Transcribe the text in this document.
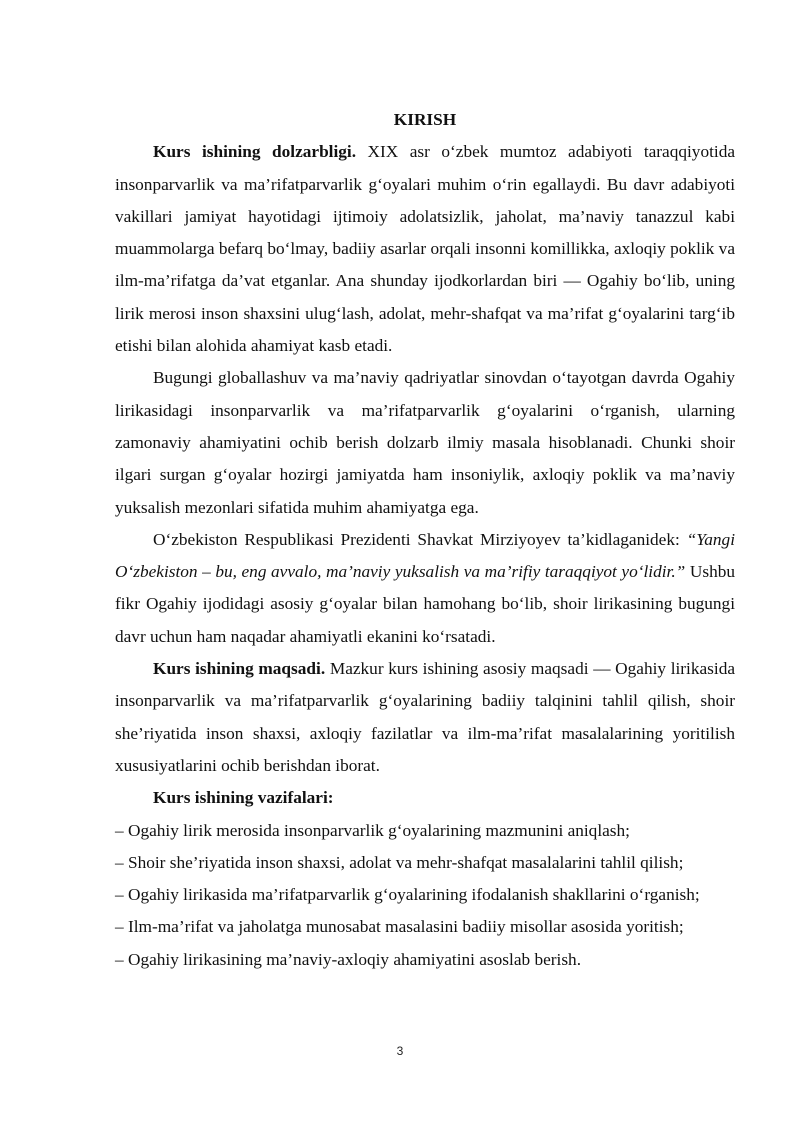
KIRISH

Kurs ishining dolzarbligi. XIX asr o‘zbek mumtoz adabiyoti taraqqiyotida insonparvarlik va ma’rifatparvarlik g‘oyalari muhim o‘rin egallaydi. Bu davr adabiyoti vakillari jamiyat hayotidagi ijtimoiy adolatsizlik, jaholat, ma’naviy tanazzul kabi muammolarga befarq bo‘lmay, badiiy asarlar orqali insonni komillikka, axloqiy poklik va ilm-ma’rifatga da’vat etganlar. Ana shunday ijodkorlardan biri — Ogahiy bo‘lib, uning lirik merosi inson shaxsini ulug‘lash, adolat, mehr-shafqat va ma’rifat g‘oyalarini targ‘ib etishi bilan alohida ahamiyat kasb etadi.

Bugungi globallashuv va ma’naviy qadriyatlar sinovdan o‘tayotgan davrda Ogahiy lirikasidagi insonparvarlik va ma’rifatparvarlik g‘oyalarini o‘rganish, ularning zamonaviy ahamiyatini ochib berish dolzarb ilmiy masala hisoblanadi. Chunki shoir ilgari surgan g‘oyalar hozirgi jamiyatda ham insoniylik, axloqiy poklik va ma’naviy yuksalish mezonlari sifatida muhim ahamiyatga ega.

O‘zbekiston Respublikasi Prezidenti Shavkat Mirziyoyev ta’kidlaganidek: “Yangi O‘zbekiston – bu, eng avvalo, ma’naviy yuksalish va ma’rifiy taraqqiyot yo‘lidir.” Ushbu fikr Ogahiy ijodidagi asosiy g‘oyalar bilan hamohang bo‘lib, shoir lirikasining bugungi davr uchun ham naqadar ahamiyatli ekanini ko‘rsatadi.

Kurs ishining maqsadi. Mazkur kurs ishining asosiy maqsadi — Ogahiy lirikasida insonparvarlik va ma’rifatparvarlik g‘oyalarining badiiy talqinini tahlil qilish, shoir she’riyatida inson shaxsi, axloqiy fazilatlar va ilm-ma’rifat masalalarining yoritilish xususiyatlarini ochib berishdan iborat.

Kurs ishining vazifalari:

– Ogahiy lirik merosida insonparvarlik g‘oyalarining mazmunini aniqlash;

– Shoir she’riyatida inson shaxsi, adolat va mehr-shafqat masalalarini tahlil qilish;

– Ogahiy lirikasida ma’rifatparvarlik g‘oyalarining ifodalanish shakllarini o‘rganish;

– Ilm-ma’rifat va jaholatga munosabat masalasini badiiy misollar asosida yoritish;

– Ogahiy lirikasining ma’naviy-axloqiy ahamiyatini asoslab berish.

3
